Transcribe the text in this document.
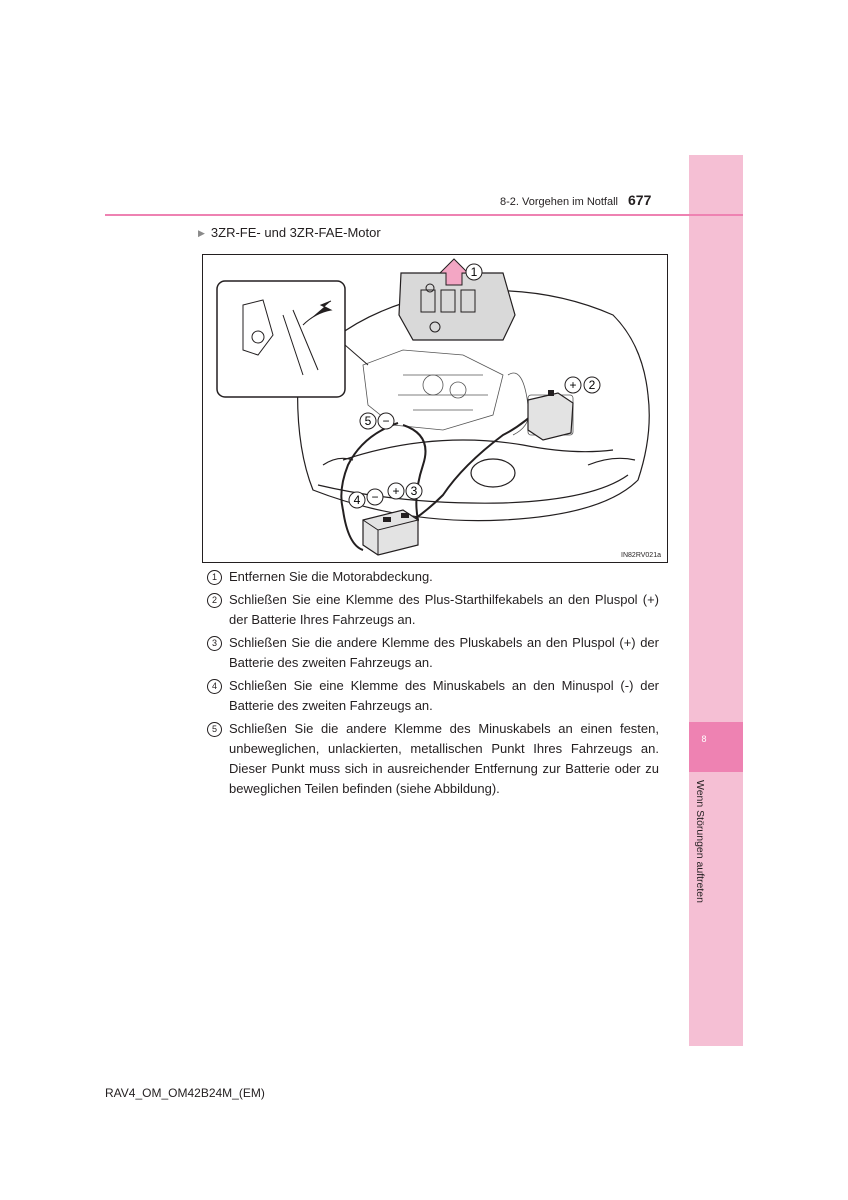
8
Wenn Störungen auftreten
8-2. Vorgehen im Notfall 677
▶ 3ZR-FE- und 3ZR-FAE-Motor
1
+ 2
5 −
4 − + 3
IN82RV021a
1 Entfernen Sie die Motorabdeckung.
2 Schließen Sie eine Klemme des Plus-Starthilfekabels an den Pluspol (+) der Batterie Ihres Fahrzeugs an.
3 Schließen Sie die andere Klemme des Pluskabels an den Pluspol (+) der Batterie des zweiten Fahrzeugs an.
4 Schließen Sie eine Klemme des Minuskabels an den Minuspol (-) der Batterie des zweiten Fahrzeugs an.
5 Schließen Sie die andere Klemme des Minuskabels an einen festen, unbeweglichen, unlackierten, metallischen Punkt Ihres Fahrzeugs an. Dieser Punkt muss sich in ausreichender Entfernung zur Batterie oder zu beweglichen Teilen befinden (siehe Abbildung).
RAV4_OM_OM42B24M_(EM)
